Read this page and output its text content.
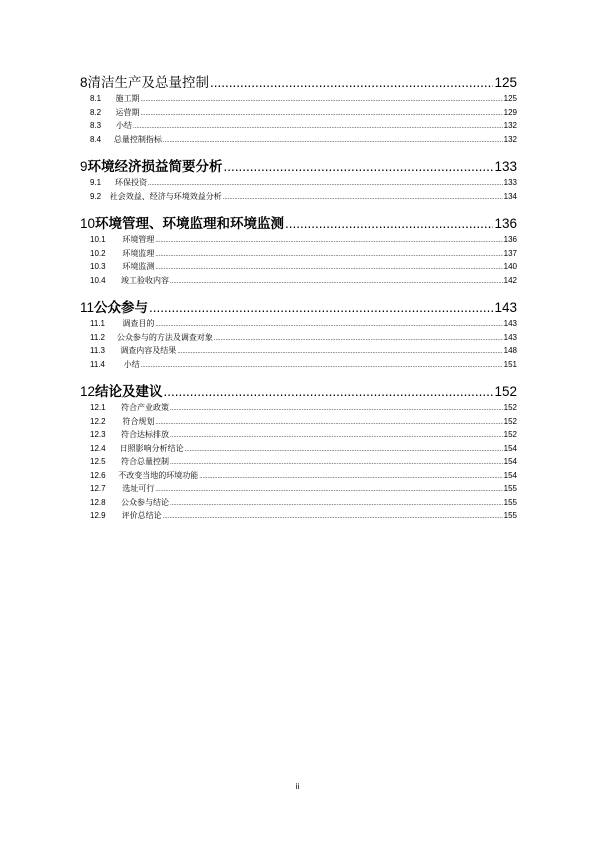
8 清洁生产及总量控制 .....	125
8.1	施工期 .....	125
8.2	运营期 .....	129
8.3	小结 .....	132
8.4	总量控制指标 .....	132
9 环境经济损益简要分析 .....	133
9.1	环保投资 .....	133
9.2	社会效益、经济与环境效益分析 .....	134
10 环境管理、环境监理和环境监测 .....	136
10.1	环境管理 .....	136
10.2	环境监理 .....	137
10.3	环境监测 .....	140
10.4	竣工验收内容 .....	142
11 公众参与 .....	143
11.1	调查目的 .....	143
11.2	公众参与的方法及调查对象 .....	143
11.3	调查内容及结果 .....	148
11.4	小结 .....	151
12 结论及建议 .....	152
12.1	符合产业政策 .....	152
12.2	符合规划 .....	152
12.3	符合达标排放 .....	152
12.4	日照影响分析结论 .....	154
12.5	符合总量控制 .....	154
12.6	不改变当地的环境功能 .....	154
12.7	选址可行 .....	155
12.8	公众参与结论 .....	155
12.9	评价总结论 .....	155
ii
